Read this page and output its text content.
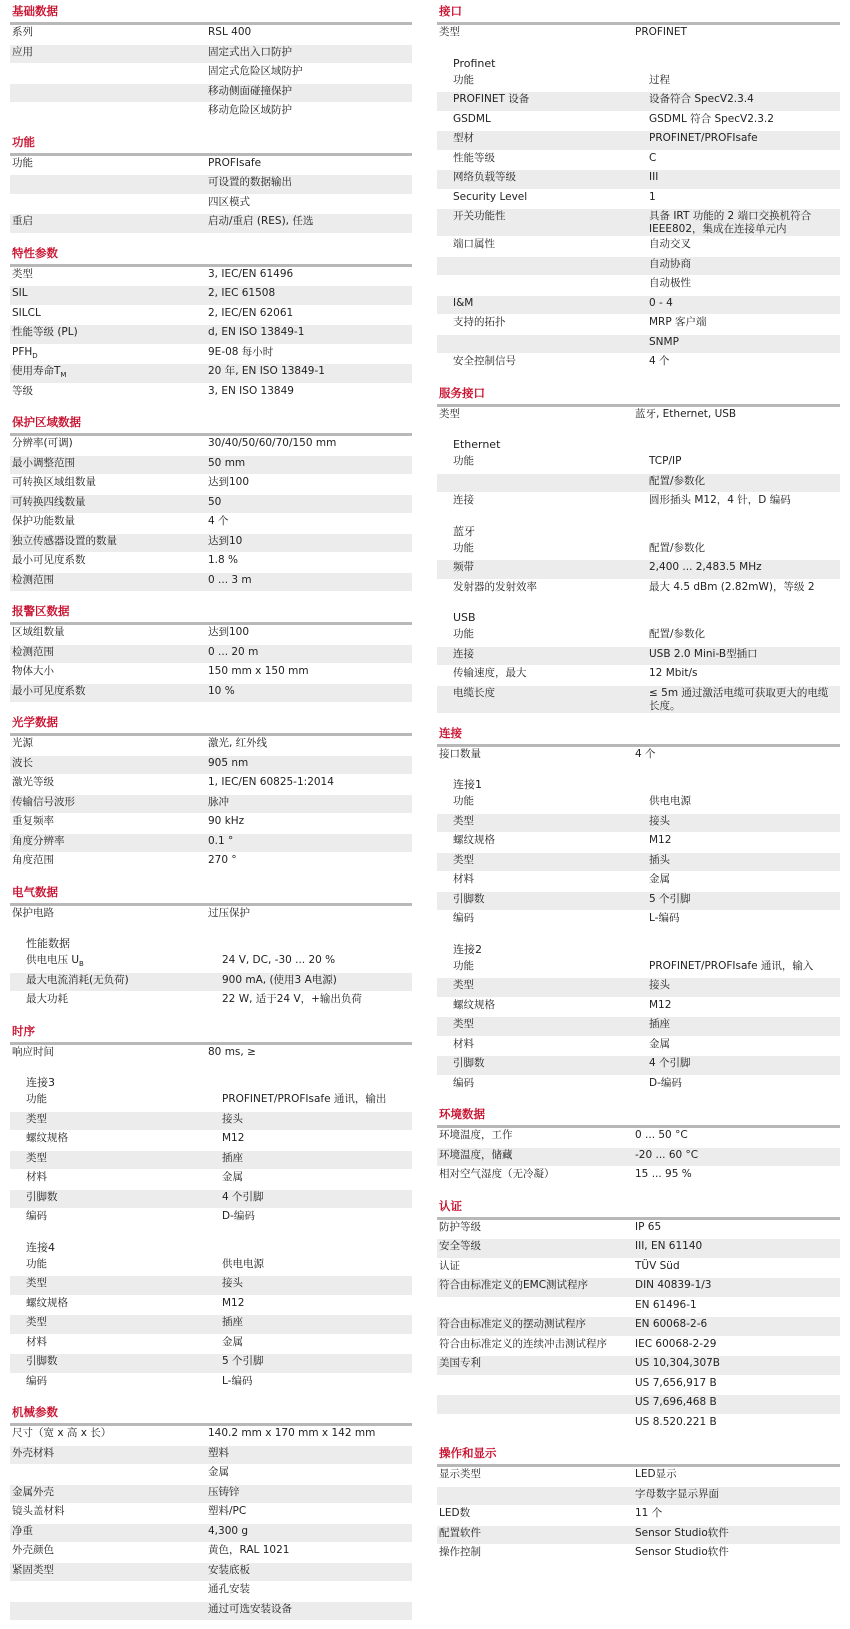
基础数据
系列	RSL 400
应用	固定式出入口防护
	固定式危险区域防护
	移动侧面碰撞保护
	移动危险区域防护
功能
功能	PROFIsafe
	可设置的数据输出
	四区模式
重启	启动/重启 (RES), 任选
特性参数
类型	3, IEC/EN 61496
SIL	2, IEC 61508
SILCL	2, IEC/EN 62061
性能等级 (PL)	d, EN ISO 13849-1
$PFH_D$	9E-08 每小时
使用寿命$T_M$	20 年, EN ISO 13849-1
等级	3, EN ISO 13849
保护区域数据
分辨率(可调)	30/40/50/60/70/150 mm
最小调整范围	50 mm
可转换区域组数量	达到100
可转换四线数量	50
保护功能数量	4 个
独立传感器设置的数量	达到10
最小可见度系数	1.8 %
检测范围	0 ... 3 m
报警区数据
区域组数量	达到100
检测范围	0 ... 20 m
物体大小	150 mm x 150 mm
最小可见度系数	10 %
光学数据
光源	激光, 红外线
波长	905 nm
激光等级	1, IEC/EN 60825-1:2014
传输信号波形	脉冲
重复频率	90 kHz
角度分辨率	0.1 °
角度范围	270 °
电气数据
保护电路	过压保护
性能数据
供电电压 $U_B$	24 V, DC, -30 ... 20 %
最大电流消耗(无负荷)	900 mA, (使用3 A电源)
最大功耗	22 W, 适于24 V，+输出负荷
时序
响应时间	80 ms, ≥
连接3
功能	PROFINET/PROFIsafe 通讯，输出
类型	接头
螺纹规格	M12
类型	插座
材料	金属
引脚数	4 个引脚
编码	D-编码
连接4
功能	供电电源
类型	接头
螺纹规格	M12
类型	插座
材料	金属
引脚数	5 个引脚
编码	L-编码
机械参数
尺寸（宽 x 高 x 长）	140.2 mm x 170 mm x 142 mm
外壳材料	塑料
	金属
金属外壳	压铸锌
镜头盖材料	塑料/PC
净重	4,300 g
外壳颜色	黄色，RAL 1021
紧固类型	安装底板
	通孔安装
	通过可选安装设备
接口
类型	PROFINET
Profinet
功能	过程
PROFINET 设备	设备符合 SpecV2.3.4
GSDML	GSDML 符合 SpecV2.3.2
型材	PROFINET/PROFIsafe
性能等级	C
网络负载等级	III
Security Level	1
开关功能性	具备 IRT 功能的 2 端口交换机符合 IEEE802，集成在连接单元内
端口属性	自动交叉
	自动协商
	自动极性
I&M	0 - 4
支持的拓扑	MRP 客户端
	SNMP
安全控制信号	4 个
服务接口
类型	蓝牙, Ethernet, USB
Ethernet
功能	TCP/IP
	配置/参数化
连接	圆形插头 M12，4 针，D 编码
蓝牙
功能	配置/参数化
频带	2,400 ... 2,483.5 MHz
发射器的发射效率	最大 4.5 dBm (2.82mW)，等级 2
USB
功能	配置/参数化
连接	USB 2.0 Mini-B型插口
传输速度，最大	12 Mbit/s
电缆长度	≤ 5m 通过激活电缆可获取更大的电缆长度。
连接
接口数量	4 个
连接1
功能	供电电源
类型	接头
螺纹规格	M12
类型	插头
材料	金属
引脚数	5 个引脚
编码	L-编码
连接2
功能	PROFINET/PROFIsafe 通讯，输入
类型	接头
螺纹规格	M12
类型	插座
材料	金属
引脚数	4 个引脚
编码	D-编码
环境数据
环境温度，工作	0 ... 50 °C
环境温度，储藏	-20 ... 60 °C
相对空气湿度（无冷凝）	15 ... 95 %
认证
防护等级	IP 65
安全等级	III, EN 61140
认证	TÜV Süd
符合由标准定义的EMC测试程序	DIN 40839-1/3
	EN 61496-1
符合由标准定义的摆动测试程序	EN 60068-2-6
符合由标准定义的连续冲击测试程序	IEC 60068-2-29
美国专利	US 10,304,307B
	US 7,656,917 B
	US 7,696,468 B
	US 8.520.221 B
操作和显示
显示类型	LED显示
	字母数字显示界面
LED数	11 个
配置软件	Sensor Studio软件
操作控制	Sensor Studio软件
